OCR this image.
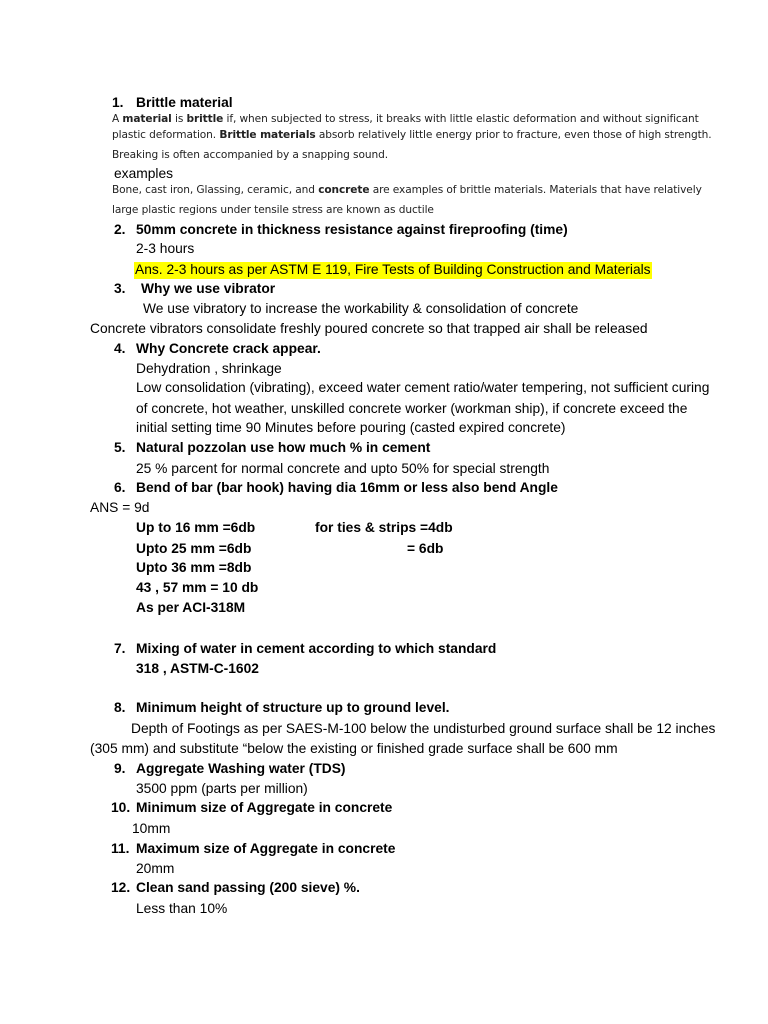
1. Brittle material
A material is brittle if, when subjected to stress, it breaks with little elastic deformation and without significant
plastic deformation. Brittle materials absorb relatively little energy prior to fracture, even those of high strength.
Breaking is often accompanied by a snapping sound.
examples
Bone, cast iron, Glassing, ceramic, and concrete are examples of brittle materials. Materials that have relatively
large plastic regions under tensile stress are known as ductile
2. 50mm concrete in thickness resistance against fireproofing (time)
2-3 hours
Ans. 2-3 hours as per ASTM E 119, Fire Tests of Building Construction and Materials
3. Why we use vibrator
We use vibratory to increase the workability & consolidation of concrete
Concrete vibrators consolidate freshly poured concrete so that trapped air shall be released
4. Why Concrete crack appear.
Dehydration , shrinkage
Low consolidation (vibrating), exceed water cement ratio/water tempering, not sufficient curing
of concrete, hot weather, unskilled concrete worker (workman ship), if concrete exceed the
initial setting time 90 Minutes before pouring (casted expired concrete)
5. Natural pozzolan use how much % in cement
25 % parcent for normal concrete and upto 50% for special strength
6. Bend of bar (bar hook) having dia 16mm or less also bend Angle
ANS = 9d
Up to 16 mm =6db	for ties & strips =4db
Upto 25 mm =6db	= 6db
Upto 36 mm =8db
43 , 57 mm = 10 db
As per ACI-318M
7. Mixing of water in cement according to which standard
318 , ASTM-C-1602
8. Minimum height of structure up to ground level.
Depth of Footings as per SAES-M-100 below the undisturbed ground surface shall be 12 inches
(305 mm) and substitute “below the existing or finished grade surface shall be 600 mm
9. Aggregate Washing water (TDS)
3500 ppm (parts per million)
10. Minimum size of Aggregate in concrete
10mm
11. Maximum size of Aggregate in concrete
20mm
12. Clean sand passing (200 sieve) %.
Less than 10%
